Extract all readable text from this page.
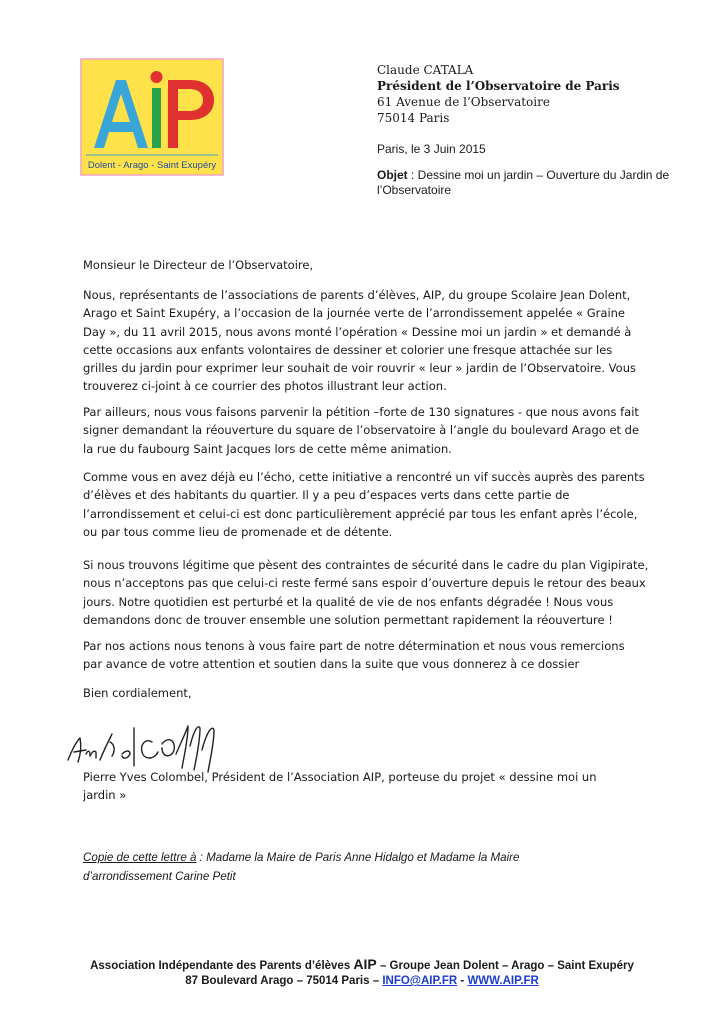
Dolent - Arago - Saint Exupéry
Claude CATALA
Président de l’Observatoire de Paris
61 Avenue de l’Observatoire
75014 Paris
Paris, le 3 Juin 2015
Objet : Dessine moi un jardin – Ouverture du Jardin de l’Observatoire
Monsieur le Directeur de l’Observatoire,
Nous, représentants de l’associations de parents d’élèves, AIP, du groupe Scolaire Jean Dolent,
Arago et Saint Exupéry, a l’occasion de la journée verte de l’arrondissement appelée « Graine
Day », du 11 avril 2015, nous avons monté l’opération « Dessine moi un jardin » et demandé à
cette occasions aux enfants volontaires de dessiner et colorier une fresque attachée sur les
grilles du jardin pour exprimer leur souhait de voir rouvrir « leur » jardin de l’Observatoire. Vous
trouverez ci-joint à ce courrier des photos illustrant leur action.
Par ailleurs, nous vous faisons parvenir la pétition –forte de 130 signatures - que nous avons fait
signer demandant la réouverture du square de l’observatoire à l’angle du boulevard Arago et de
la rue du faubourg Saint Jacques lors de cette même animation.
Comme vous en avez déjà eu l’écho, cette initiative a rencontré un vif succès auprès des parents
d’élèves et des habitants du quartier. Il y a peu d’espaces verts dans cette partie de
l’arrondissement et celui-ci est donc particulièrement apprécié par tous les enfant après l’école,
ou par tous comme lieu de promenade et de détente.
Si nous trouvons légitime que pèsent des contraintes de sécurité dans le cadre du plan Vigipirate,
nous n’acceptons pas que celui-ci reste fermé sans espoir d’ouverture depuis le retour des beaux
jours. Notre quotidien est perturbé et la qualité de vie de nos enfants dégradée ! Nous vous
demandons donc de trouver ensemble une solution permettant rapidement la réouverture !
Par nos actions nous tenons à vous faire part de notre détermination et nous vous remercions
par avance de votre attention et soutien dans la suite que vous donnerez à ce dossier
Bien cordialement,
Pierre Yves Colombel, Président de l’Association AIP, porteuse du projet « dessine moi un
jardin »
Copie de cette lettre à : Madame la Maire de Paris Anne Hidalgo et Madame la Maire
d’arrondissement Carine Petit
Association Indépendante des Parents d’élèves AIP – Groupe Jean Dolent – Arago – Saint Exupéry
87 Boulevard Arago – 75014 Paris – INFO@AIP.FR - WWW.AIP.FR
